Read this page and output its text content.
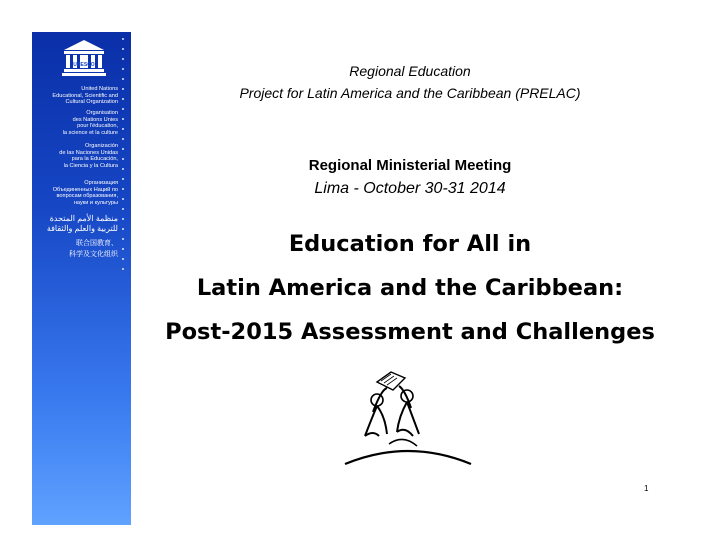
UNESCO
United Nations
Educational, Scientific and
Cultural Organization
Organisation
des Nations Unies
pour l'éducation,
la science et la culture
Organización
de las Naciones Unidas
para la Educación,
la Ciencia y la Cultura
Организация
Объединенных Наций по
вопросам образования,
науки и культуры
منظمة الأمم المتحدة
للتربية والعلم والثقافة
联合国教育、
科学及文化组织
Regional Education
Project for Latin America and the Caribbean (PRELAC)
Regional Ministerial Meeting
Lima - October 30-31 2014
Education for All in
Latin America and the Caribbean:
Post-2015 Assessment and Challenges
1
